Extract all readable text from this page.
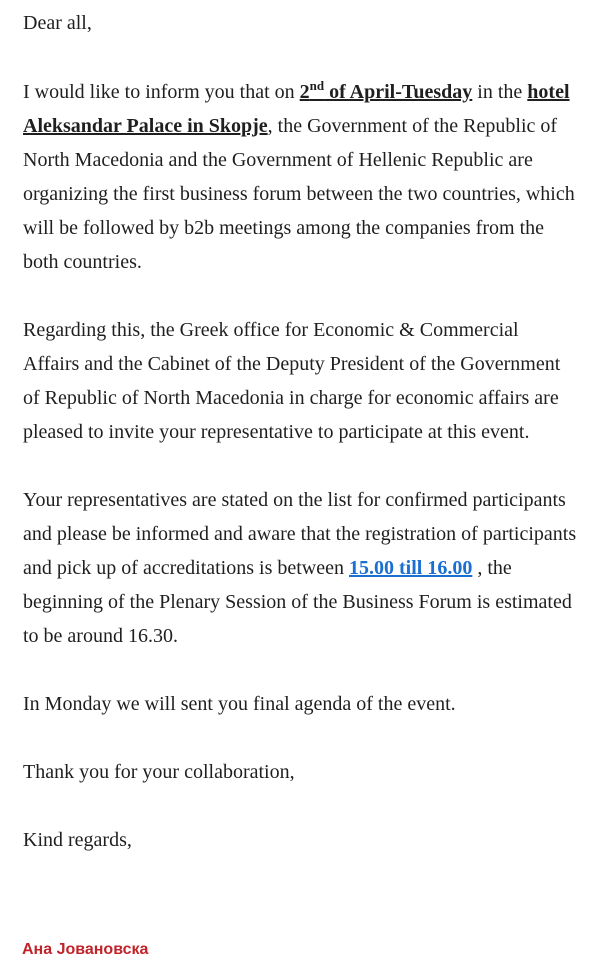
Dear all,

I would like to inform you that on 2nd of April-Tuesday in the hotel Aleksandar Palace in Skopje, the Government of the Republic of North Macedonia and the Government of Hellenic Republic are organizing the first business forum between the two countries, which will be followed by b2b meetings among the companies from the both countries.

Regarding this, the Greek office for Economic & Commercial Affairs and the Cabinet of the Deputy President of the Government of Republic of North Macedonia in charge for economic affairs are pleased to invite your representative to participate at this event.

Your representatives are stated on the list for confirmed participants and please be informed and aware that the registration of participants and pick up of accreditations is between 15.00 till 16.00 , the beginning of the Plenary Session of the Business Forum is estimated to be around 16.30.

In Monday we will sent you final agenda of the event.

Thank you for your collaboration,

Kind regards,

Ана Јовановска
